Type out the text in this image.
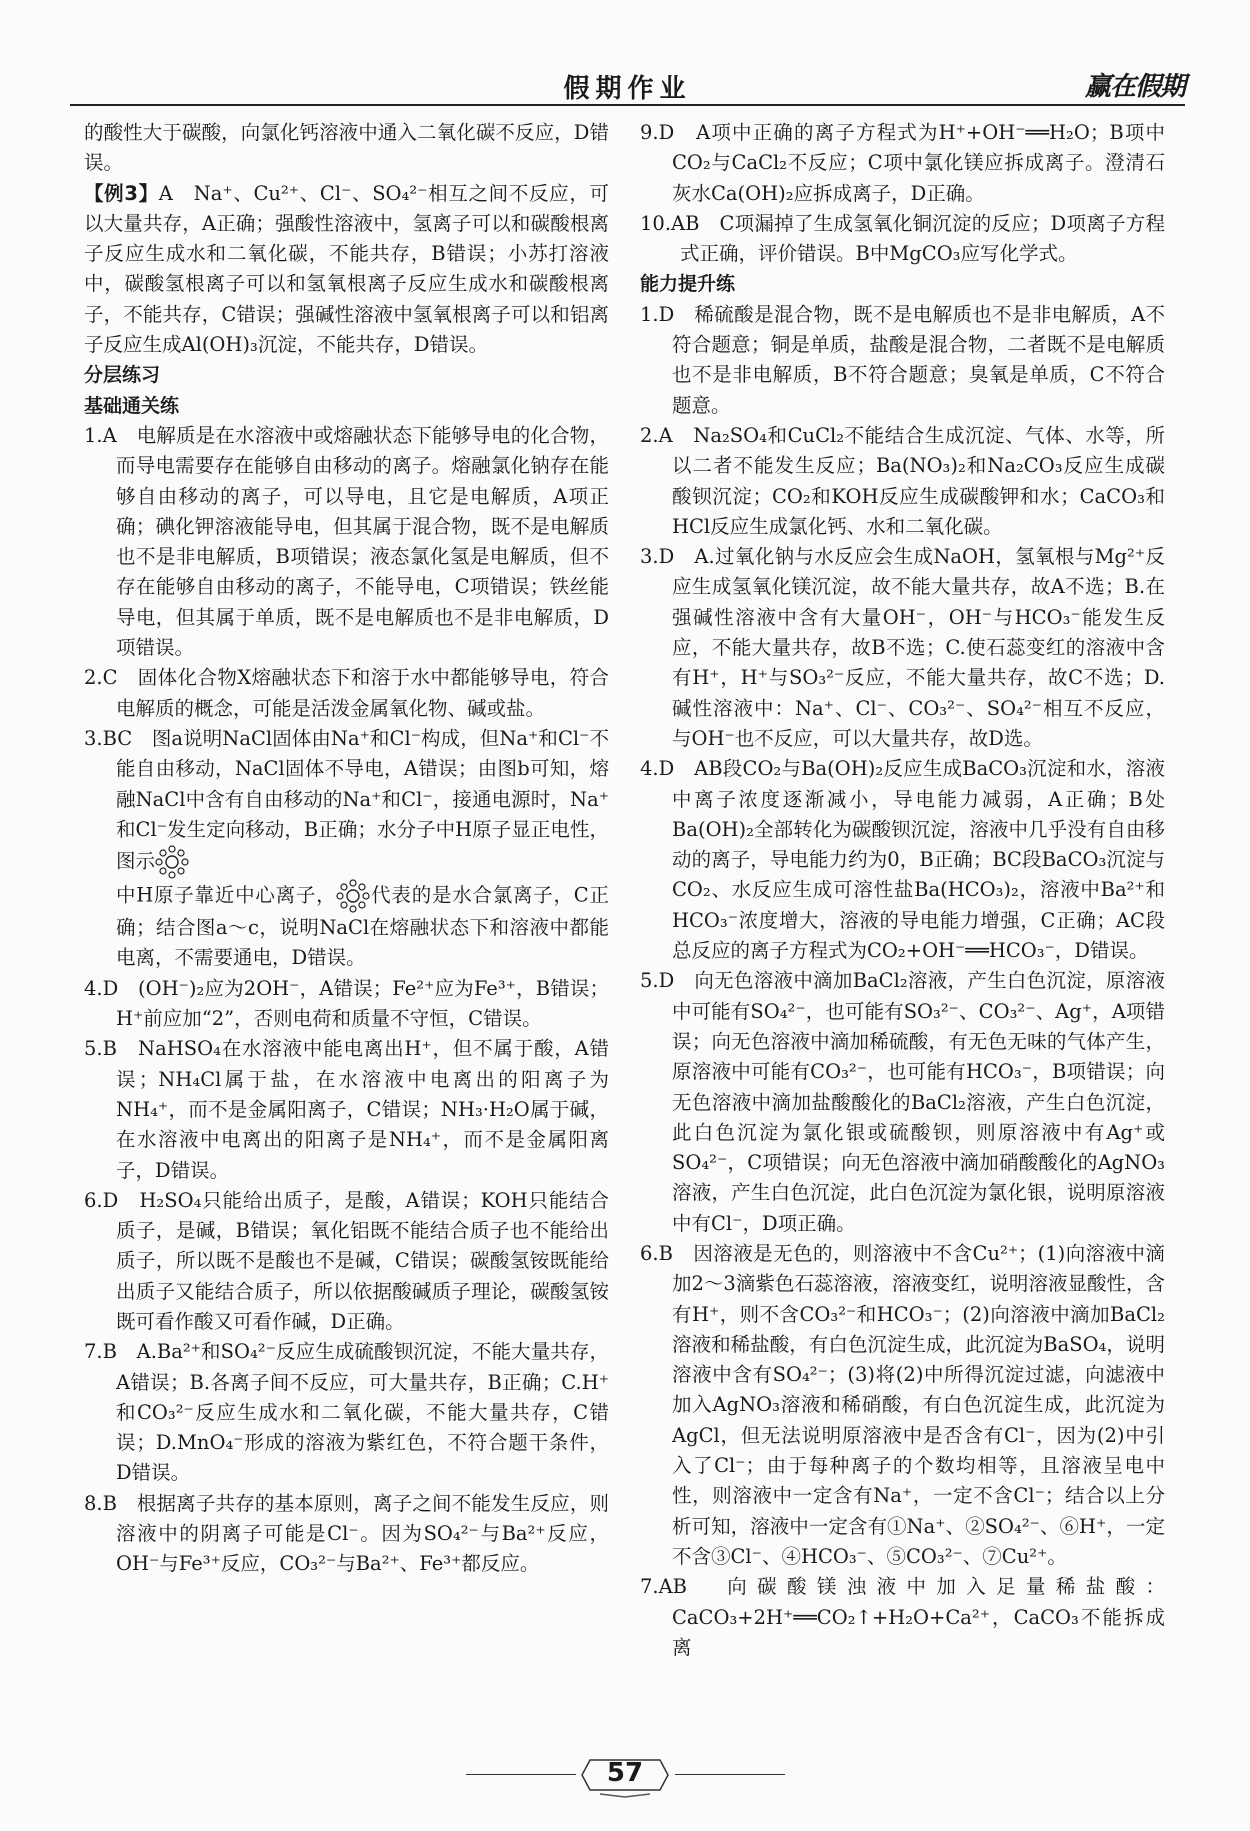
假期作业	赢在假期

的酸性大于碳酸，向氯化钙溶液中通入二氧化碳不反应，D错误。

【例3】A　Na⁺、Cu²⁺、Cl⁻、SO₄²⁻相互之间不反应，可以大量共存，A正确；强酸性溶液中，氢离子可以和碳酸根离子反应生成水和二氧化碳，不能共存，B错误；小苏打溶液中，碳酸氢根离子可以和氢氧根离子反应生成水和碳酸根离子，不能共存，C错误；强碱性溶液中氢氧根离子可以和铝离子反应生成Al(OH)₃沉淀，不能共存，D错误。

分层练习

基础通关练

1.A　电解质是在水溶液中或熔融状态下能够导电的化合物，而导电需要存在能够自由移动的离子。熔融氯化钠存在能够自由移动的离子，可以导电，且它是电解质，A项正确；碘化钾溶液能导电，但其属于混合物，既不是电解质也不是非电解质，B项错误；液态氯化氢是电解质，但不存在能够自由移动的离子，不能导电，C项错误；铁丝能导电，但其属于单质，既不是电解质也不是非电解质，D项错误。

2.C　固体化合物X熔融状态下和溶于水中都能够导电，符合电解质的概念，可能是活泼金属氧化物、碱或盐。

3.BC　图a说明NaCl固体由Na⁺和Cl⁻构成，但Na⁺和Cl⁻不能自由移动，NaCl固体不导电，A错误；由图b可知，熔融NaCl中含有自由移动的Na⁺和Cl⁻，接通电源时，Na⁺和Cl⁻发生定向移动，B正确；水分子中H原子显正电性，图示
中H原子靠近中心离子， 代表的是水合氯离子，C正确；结合图a～c，说明NaCl在熔融状态下和溶液中都能电离，不需要通电，D错误。

4.D　(OH⁻)₂应为2OH⁻，A错误；Fe²⁺应为Fe³⁺，B错误；H⁺前应加“2”，否则电荷和质量不守恒，C错误。

5.B　NaHSO₄在水溶液中能电离出H⁺，但不属于酸，A错误；NH₄Cl属于盐，在水溶液中电离出的阳离子为NH₄⁺，而不是金属阳离子，C错误；NH₃·H₂O属于碱，在水溶液中电离出的阳离子是NH₄⁺，而不是金属阳离子，D错误。

6.D　H₂SO₄只能给出质子，是酸，A错误；KOH只能结合质子，是碱，B错误；氧化铝既不能结合质子也不能给出质子，所以既不是酸也不是碱，C错误；碳酸氢铵既能给出质子又能结合质子，所以依据酸碱质子理论，碳酸氢铵既可看作酸又可看作碱，D正确。

7.B　A.Ba²⁺和SO₄²⁻反应生成硫酸钡沉淀，不能大量共存，A错误；B.各离子间不反应，可大量共存，B正确；C.H⁺和CO₃²⁻反应生成水和二氧化碳，不能大量共存，C错误；D.MnO₄⁻形成的溶液为紫红色，不符合题干条件，D错误。

8.B　根据离子共存的基本原则，离子之间不能发生反应，则溶液中的阴离子可能是Cl⁻。因为SO₄²⁻与Ba²⁺反应，OH⁻与Fe³⁺反应，CO₃²⁻与Ba²⁺、Fe³⁺都反应。

9.D　A项中正确的离子方程式为H⁺+OH⁻══H₂O；B项中CO₂与CaCl₂不反应；C项中氯化镁应拆成离子。澄清石灰水Ca(OH)₂应拆成离子，D正确。

10.AB　C项漏掉了生成氢氧化铜沉淀的反应；D项离子方程式正确，评价错误。B中MgCO₃应写化学式。

能力提升练

1.D　稀硫酸是混合物，既不是电解质也不是非电解质，A不符合题意；铜是单质，盐酸是混合物，二者既不是电解质也不是非电解质，B不符合题意；臭氧是单质，C不符合题意。

2.A　Na₂SO₄和CuCl₂不能结合生成沉淀、气体、水等，所以二者不能发生反应；Ba(NO₃)₂和Na₂CO₃反应生成碳酸钡沉淀；CO₂和KOH反应生成碳酸钾和水；CaCO₃和HCl反应生成氯化钙、水和二氧化碳。

3.D　A.过氧化钠与水反应会生成NaOH，氢氧根与Mg²⁺反应生成氢氧化镁沉淀，故不能大量共存，故A不选；B.在强碱性溶液中含有大量OH⁻，OH⁻与HCO₃⁻能发生反应，不能大量共存，故B不选；C.使石蕊变红的溶液中含有H⁺，H⁺与SO₃²⁻反应，不能大量共存，故C不选；D.碱性溶液中：Na⁺、Cl⁻、CO₃²⁻、SO₄²⁻相互不反应，与OH⁻也不反应，可以大量共存，故D选。

4.D　AB段CO₂与Ba(OH)₂反应生成BaCO₃沉淀和水，溶液中离子浓度逐渐减小，导电能力减弱，A正确；B处Ba(OH)₂全部转化为碳酸钡沉淀，溶液中几乎没有自由移动的离子，导电能力约为0，B正确；BC段BaCO₃沉淀与CO₂、水反应生成可溶性盐Ba(HCO₃)₂，溶液中Ba²⁺和HCO₃⁻浓度增大，溶液的导电能力增强，C正确；AC段总反应的离子方程式为CO₂+OH⁻══HCO₃⁻，D错误。

5.D　向无色溶液中滴加BaCl₂溶液，产生白色沉淀，原溶液中可能有SO₄²⁻，也可能有SO₃²⁻、CO₃²⁻、Ag⁺，A项错误；向无色溶液中滴加稀硫酸，有无色无味的气体产生，原溶液中可能有CO₃²⁻，也可能有HCO₃⁻，B项错误；向无色溶液中滴加盐酸酸化的BaCl₂溶液，产生白色沉淀，此白色沉淀为氯化银或硫酸钡，则原溶液中有Ag⁺或SO₄²⁻，C项错误；向无色溶液中滴加硝酸酸化的AgNO₃溶液，产生白色沉淀，此白色沉淀为氯化银，说明原溶液中有Cl⁻，D项正确。

6.B　因溶液是无色的，则溶液中不含Cu²⁺；(1)向溶液中滴加2～3滴紫色石蕊溶液，溶液变红，说明溶液显酸性，含有H⁺，则不含CO₃²⁻和HCO₃⁻；(2)向溶液中滴加BaCl₂溶液和稀盐酸，有白色沉淀生成，此沉淀为BaSO₄，说明溶液中含有SO₄²⁻；(3)将(2)中所得沉淀过滤，向滤液中加入AgNO₃溶液和稀硝酸，有白色沉淀生成，此沉淀为AgCl，但无法说明原溶液中是否含有Cl⁻，因为(2)中引入了Cl⁻；由于每种离子的个数均相等，且溶液呈电中性，则溶液中一定含有Na⁺，一定不含Cl⁻；结合以上分析可知，溶液中一定含有①Na⁺、②SO₄²⁻、⑥H⁺，一定不含③Cl⁻、④HCO₃⁻、⑤CO₃²⁻、⑦Cu²⁺。

7.AB　向碳酸镁浊液中加入足量稀盐酸：CaCO₃+2H⁺══CO₂↑+H₂O+Ca²⁺，CaCO₃不能拆成离

57
